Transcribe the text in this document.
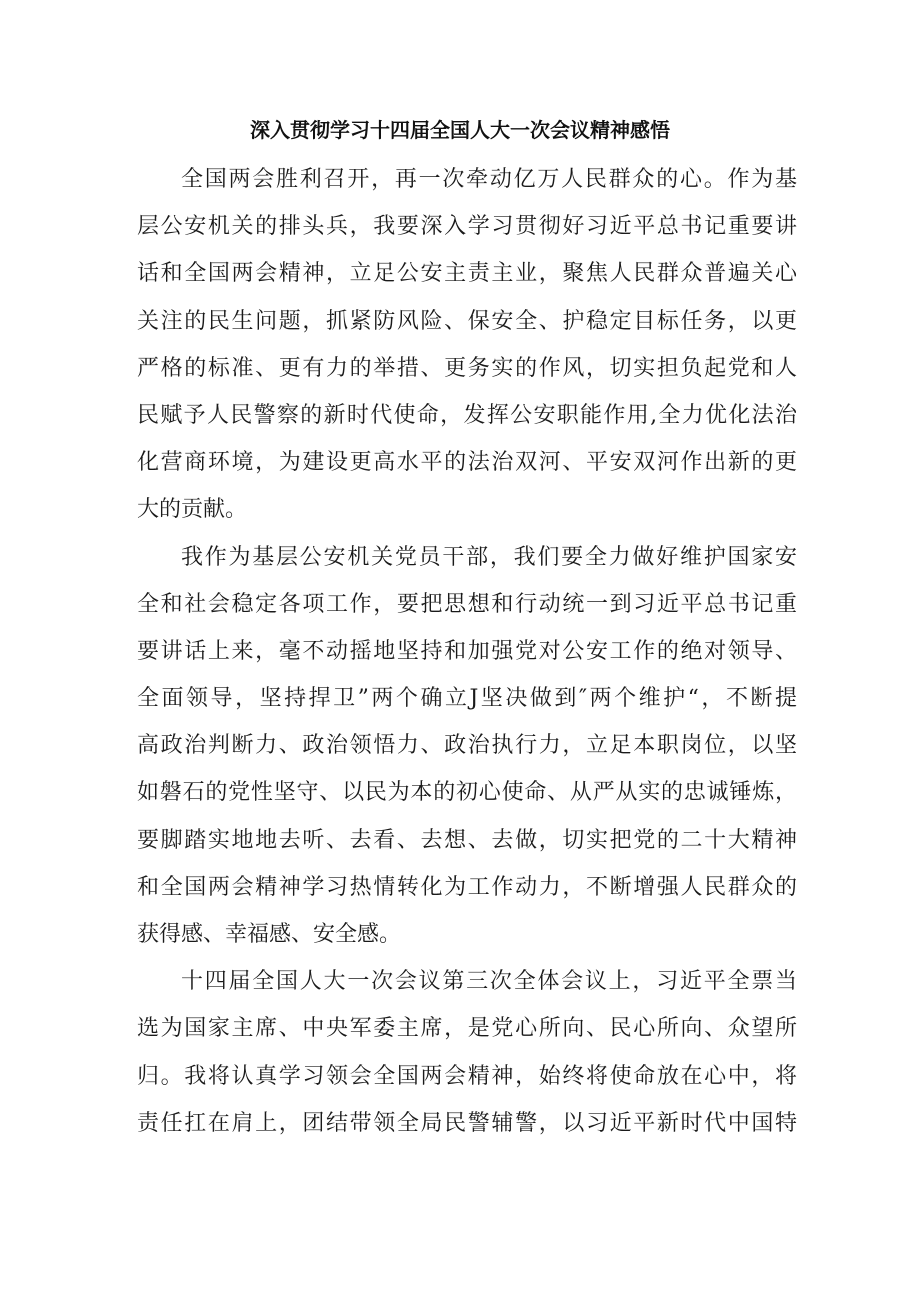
深入贯彻学习十四届全国人大一次会议精神感悟
全国两会胜利召开，再一次牵动亿万人民群众的心。作为基
层公安机关的排头兵，我要深入学习贯彻好习近平总书记重要讲
话和全国两会精神，立足公安主责主业，聚焦人民群众普遍关心
关注的民生问题，抓紧防风险、保安全、护稳定目标任务，以更
严格的标准、更有力的举措、更务实的作风，切实担负起党和人
民赋予人民警察的新时代使命，发挥公安职能作用,全力优化法治
化营商环境，为建设更高水平的法治双河、平安双河作出新的更
大的贡献。
我作为基层公安机关党员干部，我们要全力做好维护国家安
全和社会稳定各项工作，要把思想和行动统一到习近平总书记重
要讲话上来，毫不动摇地坚持和加强党对公安工作的绝对领导、
全面领导，坚持捍卫”两个确立J坚决做到″两个维护“，不断提
高政治判断力、政治领悟力、政治执行力，立足本职岗位，以坚
如磐石的党性坚守、以民为本的初心使命、从严从实的忠诚锤炼，
要脚踏实地地去听、去看、去想、去做，切实把党的二十大精神
和全国两会精神学习热情转化为工作动力，不断增强人民群众的
获得感、幸福感、安全感。
十四届全国人大一次会议第三次全体会议上，习近平全票当
选为国家主席、中央军委主席，是党心所向、民心所向、众望所
归。我将认真学习领会全国两会精神，始终将使命放在心中，将
责任扛在肩上，团结带领全局民警辅警，以习近平新时代中国特
